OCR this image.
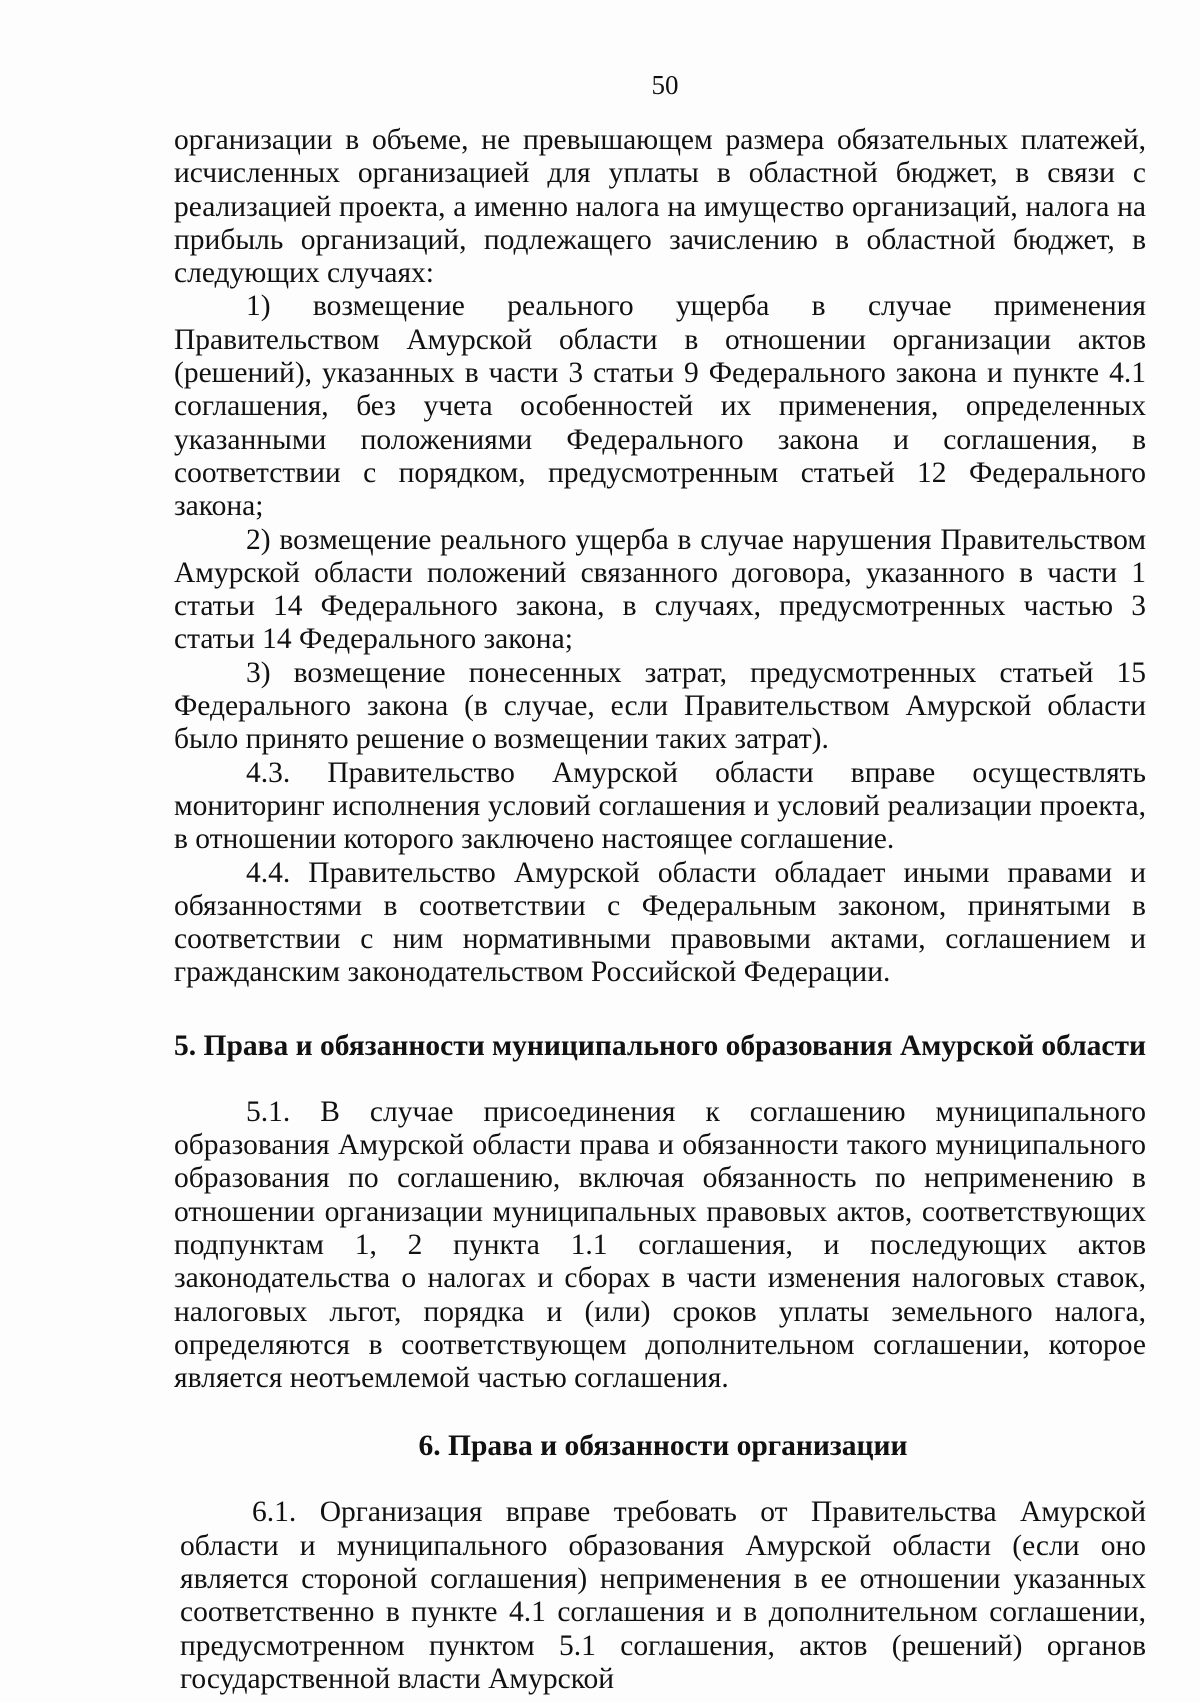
50

организации в объеме, не превышающем размера обязательных платежей, исчисленных организацией для уплаты в областной бюджет, в связи с реализацией проекта, а именно налога на имущество организаций, налога на прибыль организаций, подлежащего зачислению в областной бюджет, в следующих случаях:

1) возмещение реального ущерба в случае применения Правительством Амурской области в отношении организации актов (решений), указанных в части 3 статьи 9 Федерального закона и пункте 4.1 соглашения, без учета особенностей их применения, определенных указанными положениями Федерального закона и соглашения, в соответствии с порядком, предусмотренным статьей 12 Федерального закона;

2) возмещение реального ущерба в случае нарушения Правительством Амурской области положений связанного договора, указанного в части 1 статьи 14 Федерального закона, в случаях, предусмотренных частью 3 статьи 14 Федерального закона;

3) возмещение понесенных затрат, предусмотренных статьей 15 Федерального закона (в случае, если Правительством Амурской области было принято решение о возмещении таких затрат).

4.3. Правительство Амурской области вправе осуществлять мониторинг исполнения условий соглашения и условий реализации проекта, в отношении которого заключено настоящее соглашение.

4.4. Правительство Амурской области обладает иными правами и обязанностями в соответствии с Федеральным законом, принятыми в соответствии с ним нормативными правовыми актами, соглашением и гражданским законодательством Российской Федерации.

5. Права и обязанности муниципального образования Амурской области

5.1. В случае присоединения к соглашению муниципального образования Амурской области права и обязанности такого муниципального образования по соглашению, включая обязанность по неприменению в отношении организации муниципальных правовых актов, соответствующих подпунктам 1, 2 пункта 1.1 соглашения, и последующих актов законодательства о налогах и сборах в части изменения налоговых ставок, налоговых льгот, порядка и (или) сроков уплаты земельного налога, определяются в соответствующем дополнительном соглашении, которое является неотъемлемой частью соглашения.

6. Права и обязанности организации

6.1. Организация вправе требовать от Правительства Амурской области и муниципального образования Амурской области (если оно является стороной соглашения) неприменения в ее отношении указанных соответственно в пункте 4.1 соглашения и в дополнительном соглашении, предусмотренном пунктом 5.1 соглашения, актов (решений) органов государственной власти Амурской
